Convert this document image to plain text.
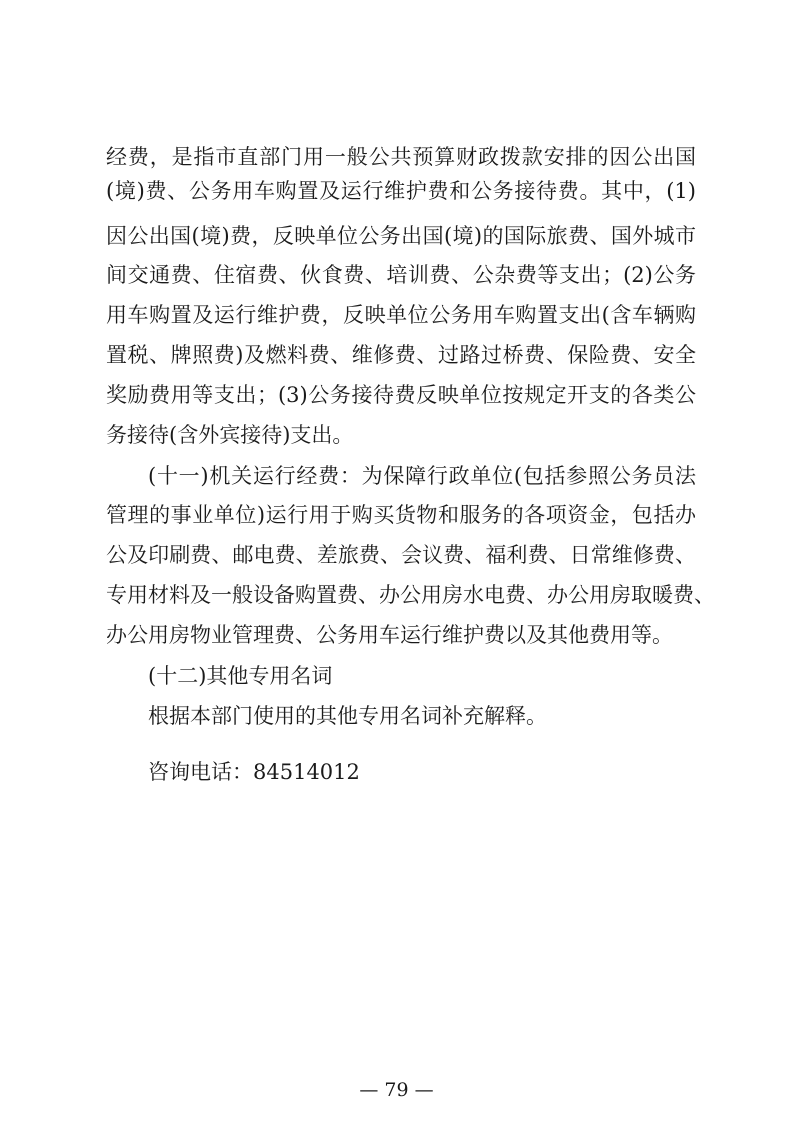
经费，是指市直部门用一般公共预算财政拨款安排的因公出国
(境)费、公务用车购置及运行维护费和公务接待费。其中，(1)
因公出国(境)费，反映单位公务出国(境)的国际旅费、国外城市
间交通费、住宿费、伙食费、培训费、公杂费等支出；(2)公务
用车购置及运行维护费，反映单位公务用车购置支出(含车辆购
置税、牌照费)及燃料费、维修费、过路过桥费、保险费、安全
奖励费用等支出；(3)公务接待费反映单位按规定开支的各类公
务接待(含外宾接待)支出。
(十一)机关运行经费：为保障行政单位(包括参照公务员法
管理的事业单位)运行用于购买货物和服务的各项资金，包括办
公及印刷费、邮电费、差旅费、会议费、福利费、日常维修费、
专用材料及一般设备购置费、办公用房水电费、办公用房取暖费、
办公用房物业管理费、公务用车运行维护费以及其他费用等。
(十二)其他专用名词
根据本部门使用的其他专用名词补充解释。
咨询电话：84514012
— 79 —
